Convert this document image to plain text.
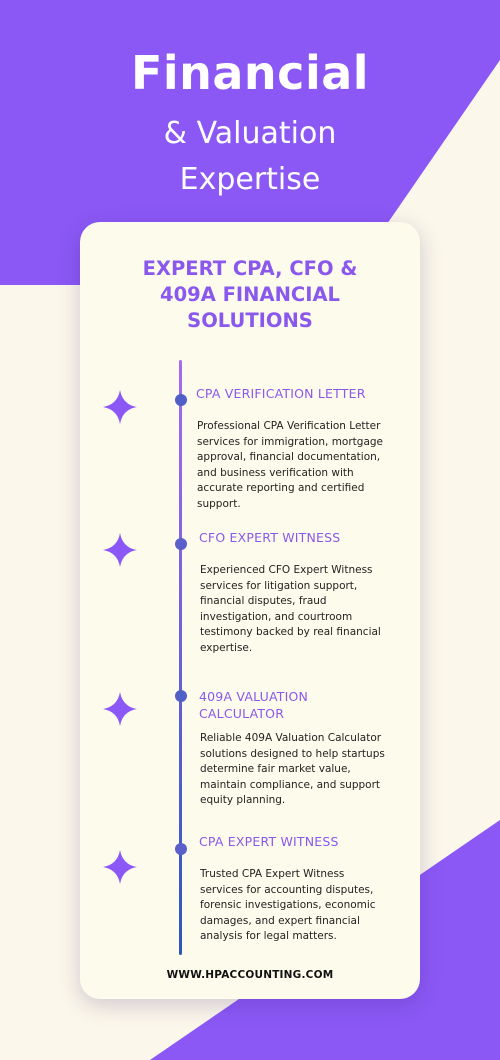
Financial
& Valuation
Expertise
EXPERT CPA, CFO &
409A FINANCIAL
SOLUTIONS
CPA VERIFICATION LETTER
Professional CPA Verification Letter
services for immigration, mortgage
approval, financial documentation,
and business verification with
accurate reporting and certified
support.
CFO EXPERT WITNESS
Experienced CFO Expert Witness
services for litigation support,
financial disputes, fraud
investigation, and courtroom
testimony backed by real financial
expertise.
409A VALUATION
CALCULATOR
Reliable 409A Valuation Calculator
solutions designed to help startups
determine fair market value,
maintain compliance, and support
equity planning.
CPA EXPERT WITNESS
Trusted CPA Expert Witness
services for accounting disputes,
forensic investigations, economic
damages, and expert financial
analysis for legal matters.
WWW.HPACCOUNTING.COM
